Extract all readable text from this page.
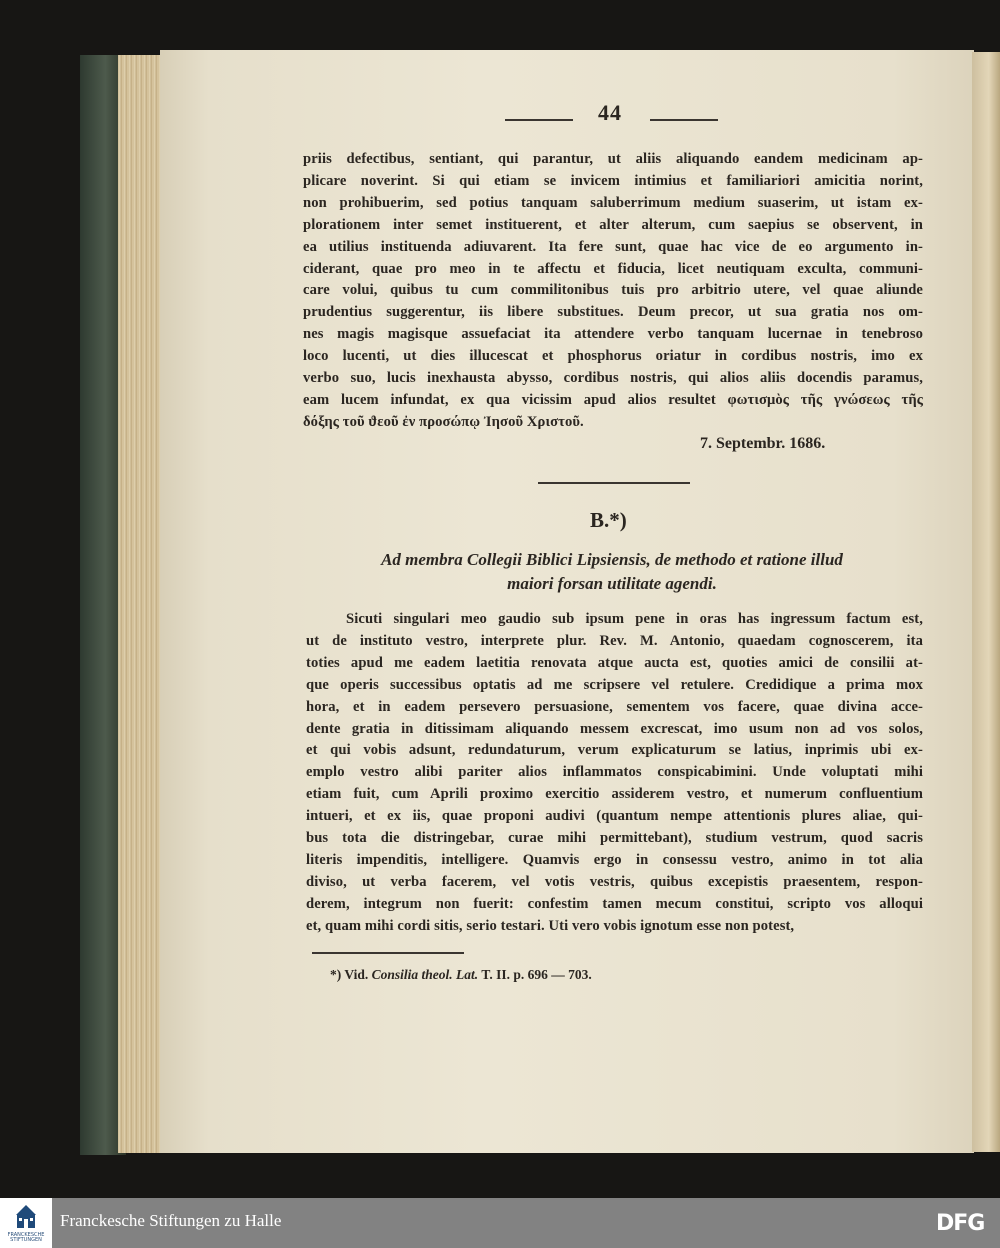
44
priis defectibus, sentiant, qui parantur, ut aliis aliquando eandem medicinam ap-
plicare noverint. Si qui etiam se invicem intimius et familiariori amicitia norint,
non prohibuerim, sed potius tanquam saluberrimum medium suaserim, ut istam ex-
plorationem inter semet instituerent, et alter alterum, cum saepius se observent, in
ea utilius instituenda adiuvarent. Ita fere sunt, quae hac vice de eo argumento in-
ciderant, quae pro meo in te affectu et fiducia, licet neutiquam exculta, communi-
care volui, quibus tu cum commilitonibus tuis pro arbitrio utere, vel quae aliunde
prudentius suggerentur, iis libere substitues. Deum precor, ut sua gratia nos om-
nes magis magisque assuefaciat ita attendere verbo tanquam lucernae in tenebroso
loco lucenti, ut dies illucescat et phosphorus oriatur in cordibus nostris, imo ex
verbo suo, lucis inexhausta abysso, cordibus nostris, qui alios aliis docendis paramus,
eam lucem infundat, ex qua vicissim apud alios resultet φωτισμὸς τῆς γνώσεως τῆς
δόξης τοῦ ϑεοῦ ἐν προσώπῳ Ἰησοῦ Χριστοῦ.
7. Septembr. 1686.
B.*)
Ad membra Collegii Biblici Lipsiensis, de methodo et ratione illud
maiori forsan utilitate agendi.
Sicuti singulari meo gaudio sub ipsum pene in oras has ingressum factum est,
ut de instituto vestro, interprete plur. Rev. M. Antonio, quaedam cognoscerem, ita
toties apud me eadem laetitia renovata atque aucta est, quoties amici de consilii at-
que operis successibus optatis ad me scripsere vel retulere. Credidique a prima mox
hora, et in eadem persevero persuasione, sementem vos facere, quae divina acce-
dente gratia in ditissimam aliquando messem excrescat, imo usum non ad vos solos,
et qui vobis adsunt, redundaturum, verum explicaturum se latius, inprimis ubi ex-
emplo vestro alibi pariter alios inflammatos conspicabimini. Unde voluptati mihi
etiam fuit, cum Aprili proximo exercitio assiderem vestro, et numerum confluentium
intueri, et ex iis, quae proponi audivi (quantum nempe attentionis plures aliae, qui-
bus tota die distringebar, curae mihi permittebant), studium vestrum, quod sacris
literis impenditis, intelligere. Quamvis ergo in consessu vestro, animo in tot alia
diviso, ut verba facerem, vel votis vestris, quibus excepistis praesentem, respon-
derem, integrum non fuerit: confestim tamen mecum constitui, scripto vos alloqui
et, quam mihi cordi sitis, serio testari. Uti vero vobis ignotum esse non potest,
*) Vid. Consilia theol. Lat. T. II. p. 696 — 703.
FRANCKESCHE
STIFTUNGEN
Franckesche Stiftungen zu Halle	DFG
